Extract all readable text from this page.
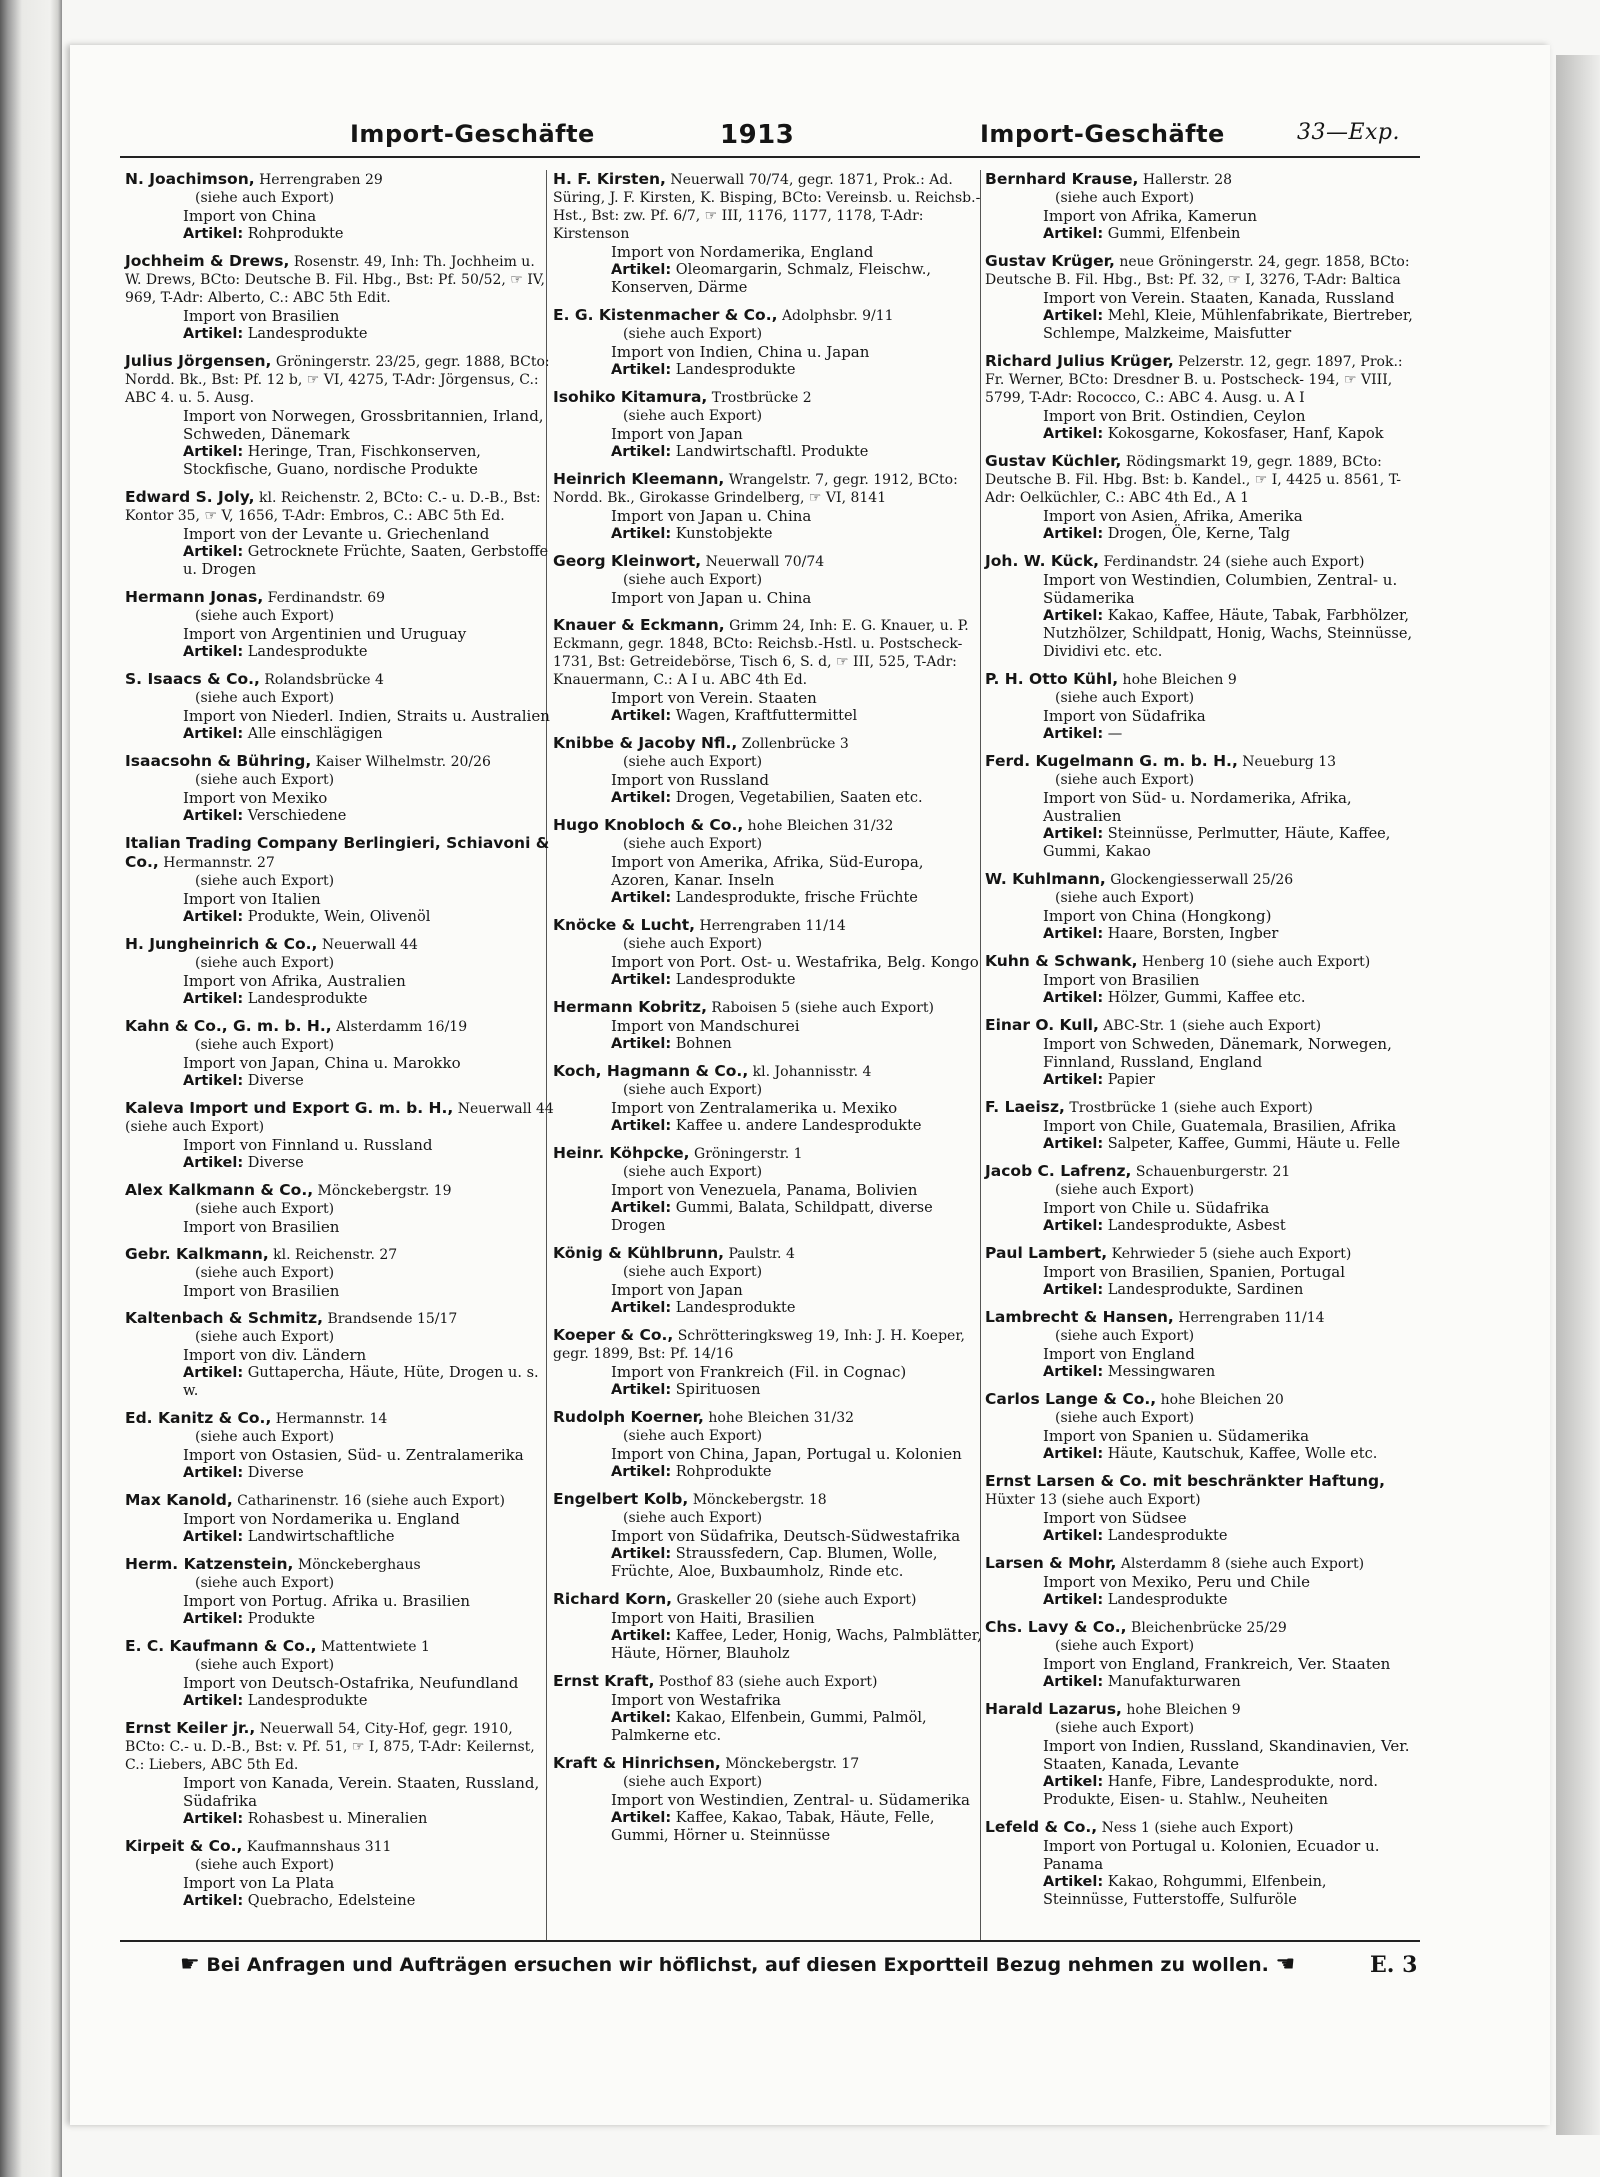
Import-Geschäfte	1913	Import-Geschäfte	33—Exp.
N. Joachimson, Herrengraben 29
(siehe auch Export)
Import von China
Artikel: Rohprodukte
Jochheim & Drews, Rosenstr. 49, Inh: Th. Jochheim u. W. Drews, BCto: Deutsche B. Fil. Hbg., Bst: Pf. 50/52, ☞ IV, 969, T-Adr: Alberto, C.: ABC 5th Edit.
Import von Brasilien
Artikel: Landesprodukte
Julius Jörgensen, Gröningerstr. 23/25, gegr. 1888, BCto: Nordd. Bk., Bst: Pf. 12 b, ☞ VI, 4275, T-Adr: Jörgensus, C.: ABC 4. u. 5. Ausg.
Import von Norwegen, Grossbritannien, Irland, Schweden, Dänemark
Artikel: Heringe, Tran, Fischkonserven, Stockfische, Guano, nordische Produkte
Edward S. Joly, kl. Reichenstr. 2, BCto: C.- u. D.-B., Bst: Kontor 35, ☞ V, 1656, T-Adr: Embros, C.: ABC 5th Ed.
Import von der Levante u. Griechenland
Artikel: Getrocknete Früchte, Saaten, Gerbstoffe u. Drogen
Hermann Jonas, Ferdinandstr. 69
(siehe auch Export)
Import von Argentinien und Uruguay
Artikel: Landesprodukte
S. Isaacs & Co., Rolandsbrücke 4
(siehe auch Export)
Import von Niederl. Indien, Straits u. Australien
Artikel: Alle einschlägigen
Isaacsohn & Bühring, Kaiser Wilhelmstr. 20/26
(siehe auch Export)
Import von Mexiko
Artikel: Verschiedene
Italian Trading Company Berlingieri, Schiavoni & Co., Hermannstr. 27
(siehe auch Export)
Import von Italien
Artikel: Produkte, Wein, Olivenöl
H. Jungheinrich & Co., Neuerwall 44
(siehe auch Export)
Import von Afrika, Australien
Artikel: Landesprodukte
Kahn & Co., G. m. b. H., Alsterdamm 16/19
(siehe auch Export)
Import von Japan, China u. Marokko
Artikel: Diverse
Kaleva Import und Export G. m. b. H., Neuerwall 44 (siehe auch Export)
Import von Finnland u. Russland
Artikel: Diverse
Alex Kalkmann & Co., Mönckebergstr. 19
(siehe auch Export)
Import von Brasilien
Gebr. Kalkmann, kl. Reichenstr. 27
(siehe auch Export)
Import von Brasilien
Kaltenbach & Schmitz, Brandsende 15/17
(siehe auch Export)
Import von div. Ländern
Artikel: Guttapercha, Häute, Hüte, Drogen u. s. w.
Ed. Kanitz & Co., Hermannstr. 14
(siehe auch Export)
Import von Ostasien, Süd- u. Zentralamerika
Artikel: Diverse
Max Kanold, Catharinenstr. 16 (siehe auch Export)
Import von Nordamerika u. England
Artikel: Landwirtschaftliche
Herm. Katzenstein, Mönckeberghaus
(siehe auch Export)
Import von Portug. Afrika u. Brasilien
Artikel: Produkte
E. C. Kaufmann & Co., Mattentwiete 1
(siehe auch Export)
Import von Deutsch-Ostafrika, Neufundland
Artikel: Landesprodukte
Ernst Keiler jr., Neuerwall 54, City-Hof, gegr. 1910, BCto: C.- u. D.-B., Bst: v. Pf. 51, ☞ I, 875, T-Adr: Keilernst, C.: Liebers, ABC 5th Ed.
Import von Kanada, Verein. Staaten, Russland, Südafrika
Artikel: Rohasbest u. Mineralien
Kirpeit & Co., Kaufmannshaus 311
(siehe auch Export)
Import von La Plata
Artikel: Quebracho, Edelsteine
H. F. Kirsten, Neuerwall 70/74, gegr. 1871, Prok.: Ad. Süring, J. F. Kirsten, K. Bisping, BCto: Vereinsb. u. Reichsb.-Hst., Bst: zw. Pf. 6/7, ☞ III, 1176, 1177, 1178, T-Adr: Kirstenson
Import von Nordamerika, England
Artikel: Oleomargarin, Schmalz, Fleischw., Konserven, Därme
E. G. Kistenmacher & Co., Adolphsbr. 9/11
(siehe auch Export)
Import von Indien, China u. Japan
Artikel: Landesprodukte
Isohiko Kitamura, Trostbrücke 2
(siehe auch Export)
Import von Japan
Artikel: Landwirtschaftl. Produkte
Heinrich Kleemann, Wrangelstr. 7, gegr. 1912, BCto: Nordd. Bk., Girokasse Grindelberg, ☞ VI, 8141
Import von Japan u. China
Artikel: Kunstobjekte
Georg Kleinwort, Neuerwall 70/74
(siehe auch Export)
Import von Japan u. China
Knauer & Eckmann, Grimm 24, Inh: E. G. Knauer, u. P. Eckmann, gegr. 1848, BCto: Reichsb.-Hstl. u. Postscheck- 1731, Bst: Getreidebörse, Tisch 6, S. d, ☞ III, 525, T-Adr: Knauermann, C.: A I u. ABC 4th Ed.
Import von Verein. Staaten
Artikel: Wagen, Kraftfuttermittel
Knibbe & Jacoby Nfl., Zollenbrücke 3
(siehe auch Export)
Import von Russland
Artikel: Drogen, Vegetabilien, Saaten etc.
Hugo Knobloch & Co., hohe Bleichen 31/32
(siehe auch Export)
Import von Amerika, Afrika, Süd-Europa, Azoren, Kanar. Inseln
Artikel: Landesprodukte, frische Früchte
Knöcke & Lucht, Herrengraben 11/14
(siehe auch Export)
Import von Port. Ost- u. Westafrika, Belg. Kongo
Artikel: Landesprodukte
Hermann Kobritz, Raboisen 5 (siehe auch Export)
Import von Mandschurei
Artikel: Bohnen
Koch, Hagmann & Co., kl. Johannisstr. 4
(siehe auch Export)
Import von Zentralamerika u. Mexiko
Artikel: Kaffee u. andere Landesprodukte
Heinr. Köhpcke, Gröningerstr. 1
(siehe auch Export)
Import von Venezuela, Panama, Bolivien
Artikel: Gummi, Balata, Schildpatt, diverse Drogen
König & Kühlbrunn, Paulstr. 4
(siehe auch Export)
Import von Japan
Artikel: Landesprodukte
Koeper & Co., Schrötteringksweg 19, Inh: J. H. Koeper, gegr. 1899, Bst: Pf. 14/16
Import von Frankreich (Fil. in Cognac)
Artikel: Spirituosen
Rudolph Koerner, hohe Bleichen 31/32
(siehe auch Export)
Import von China, Japan, Portugal u. Kolonien
Artikel: Rohprodukte
Engelbert Kolb, Mönckebergstr. 18
(siehe auch Export)
Import von Südafrika, Deutsch-Südwestafrika
Artikel: Straussfedern, Cap. Blumen, Wolle, Früchte, Aloe, Buxbaumholz, Rinde etc.
Richard Korn, Graskeller 20 (siehe auch Export)
Import von Haiti, Brasilien
Artikel: Kaffee, Leder, Honig, Wachs, Palmblätter, Häute, Hörner, Blauholz
Ernst Kraft, Posthof 83 (siehe auch Export)
Import von Westafrika
Artikel: Kakao, Elfenbein, Gummi, Palmöl, Palmkerne etc.
Kraft & Hinrichsen, Mönckebergstr. 17
(siehe auch Export)
Import von Westindien, Zentral- u. Südamerika
Artikel: Kaffee, Kakao, Tabak, Häute, Felle, Gummi, Hörner u. Steinnüsse
Bernhard Krause, Hallerstr. 28
(siehe auch Export)
Import von Afrika, Kamerun
Artikel: Gummi, Elfenbein
Gustav Krüger, neue Gröningerstr. 24, gegr. 1858, BCto: Deutsche B. Fil. Hbg., Bst: Pf. 32, ☞ I, 3276, T-Adr: Baltica
Import von Verein. Staaten, Kanada, Russland
Artikel: Mehl, Kleie, Mühlenfabrikate, Biertreber, Schlempe, Malzkeime, Maisfutter
Richard Julius Krüger, Pelzerstr. 12, gegr. 1897, Prok.: Fr. Werner, BCto: Dresdner B. u. Postscheck- 194, ☞ VIII, 5799, T-Adr: Rococco, C.: ABC 4. Ausg. u. A I
Import von Brit. Ostindien, Ceylon
Artikel: Kokosgarne, Kokosfaser, Hanf, Kapok
Gustav Küchler, Rödingsmarkt 19, gegr. 1889, BCto: Deutsche B. Fil. Hbg. Bst: b. Kandel., ☞ I, 4425 u. 8561, T-Adr: Oelküchler, C.: ABC 4th Ed., A 1
Import von Asien, Afrika, Amerika
Artikel: Drogen, Öle, Kerne, Talg
Joh. W. Kück, Ferdinandstr. 24 (siehe auch Export)
Import von Westindien, Columbien, Zentral- u. Südamerika
Artikel: Kakao, Kaffee, Häute, Tabak, Farbhölzer, Nutzhölzer, Schildpatt, Honig, Wachs, Steinnüsse, Dividivi etc. etc.
P. H. Otto Kühl, hohe Bleichen 9
(siehe auch Export)
Import von Südafrika
Artikel: —
Ferd. Kugelmann G. m. b. H., Neueburg 13
(siehe auch Export)
Import von Süd- u. Nordamerika, Afrika, Australien
Artikel: Steinnüsse, Perlmutter, Häute, Kaffee, Gummi, Kakao
W. Kuhlmann, Glockengiesserwall 25/26
(siehe auch Export)
Import von China (Hongkong)
Artikel: Haare, Borsten, Ingber
Kuhn & Schwank, Henberg 10 (siehe auch Export)
Import von Brasilien
Artikel: Hölzer, Gummi, Kaffee etc.
Einar O. Kull, ABC-Str. 1 (siehe auch Export)
Import von Schweden, Dänemark, Norwegen, Finnland, Russland, England
Artikel: Papier
F. Laeisz, Trostbrücke 1 (siehe auch Export)
Import von Chile, Guatemala, Brasilien, Afrika
Artikel: Salpeter, Kaffee, Gummi, Häute u. Felle
Jacob C. Lafrenz, Schauenburgerstr. 21
(siehe auch Export)
Import von Chile u. Südafrika
Artikel: Landesprodukte, Asbest
Paul Lambert, Kehrwieder 5 (siehe auch Export)
Import von Brasilien, Spanien, Portugal
Artikel: Landesprodukte, Sardinen
Lambrecht & Hansen, Herrengraben 11/14
(siehe auch Export)
Import von England
Artikel: Messingwaren
Carlos Lange & Co., hohe Bleichen 20
(siehe auch Export)
Import von Spanien u. Südamerika
Artikel: Häute, Kautschuk, Kaffee, Wolle etc.
Ernst Larsen & Co. mit beschränkter Haftung, Hüxter 13 (siehe auch Export)
Import von Südsee
Artikel: Landesprodukte
Larsen & Mohr, Alsterdamm 8 (siehe auch Export)
Import von Mexiko, Peru und Chile
Artikel: Landesprodukte
Chs. Lavy & Co., Bleichenbrücke 25/29
(siehe auch Export)
Import von England, Frankreich, Ver. Staaten
Artikel: Manufakturwaren
Harald Lazarus, hohe Bleichen 9
(siehe auch Export)
Import von Indien, Russland, Skandinavien, Ver. Staaten, Kanada, Levante
Artikel: Hanfe, Fibre, Landesprodukte, nord. Produkte, Eisen- u. Stahlw., Neuheiten
Lefeld & Co., Ness 1 (siehe auch Export)
Import von Portugal u. Kolonien, Ecuador u. Panama
Artikel: Kakao, Rohgummi, Elfenbein, Steinnüsse, Futterstoffe, Sulfuröle
☛ Bei Anfragen und Aufträgen ersuchen wir höflichst, auf diesen Exportteil Bezug nehmen zu wollen. ☚	E. 3
